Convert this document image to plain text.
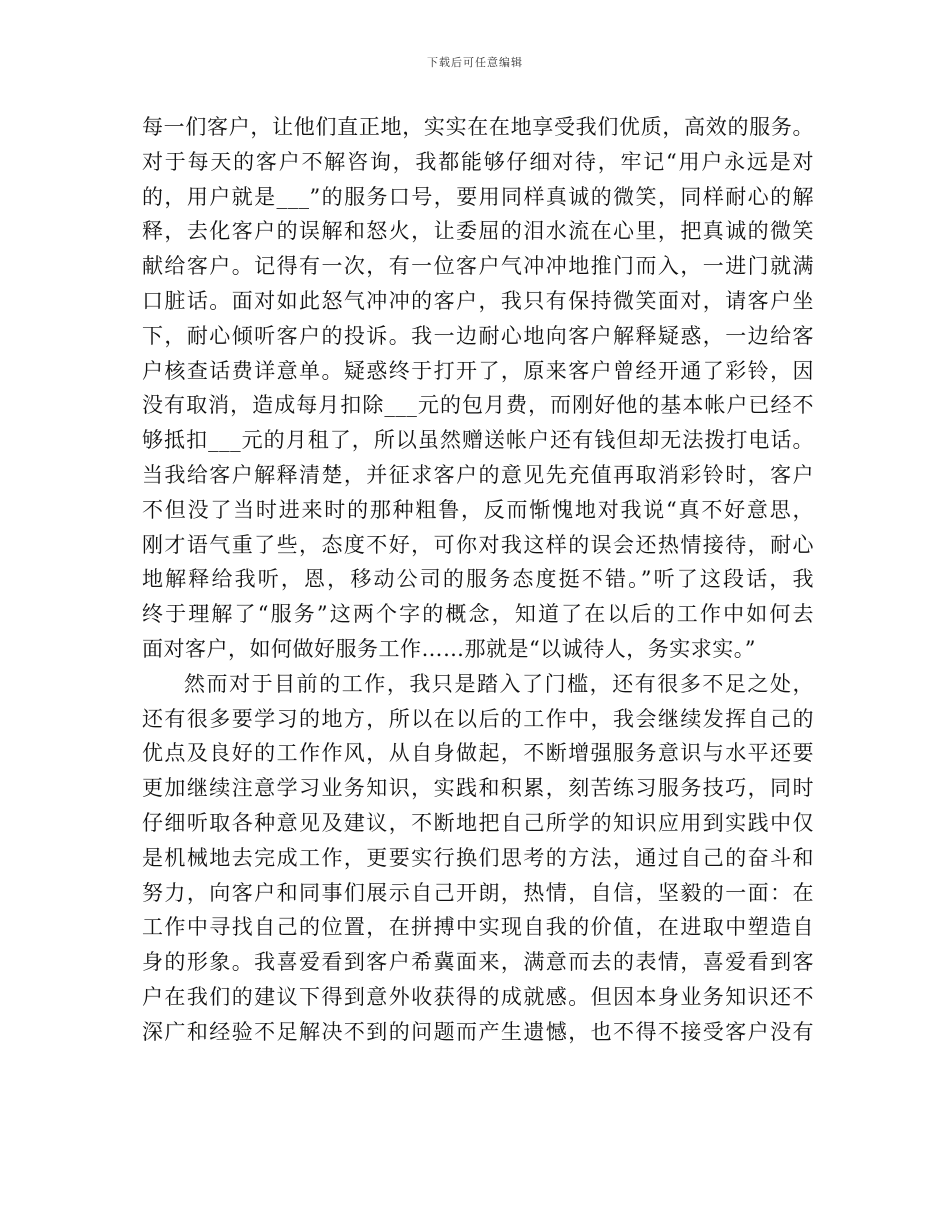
下载后可任意编辑
每一们客户，让他们直正地，实实在在地享受我们优质，高效的服务。
对于每天的客户不解咨询，我都能够仔细对待，牢记“用户永远是对
的，用户就是___”的服务口号，要用同样真诚的微笑，同样耐心的解
释，去化客户的误解和怒火，让委屈的泪水流在心里，把真诚的微笑
献给客户。记得有一次，有一位客户气冲冲地推门而入，一进门就满
口脏话。面对如此怒气冲冲的客户，我只有保持微笑面对，请客户坐
下，耐心倾听客户的投诉。我一边耐心地向客户解释疑惑，一边给客
户核查话费详意单。疑惑终于打开了，原来客户曾经开通了彩铃，因
没有取消，造成每月扣除___元的包月费，而刚好他的基本帐户已经不
够抵扣___元的月租了，所以虽然赠送帐户还有钱但却无法拨打电话。
当我给客户解释清楚，并征求客户的意见先充值再取消彩铃时，客户
不但没了当时进来时的那种粗鲁，反而惭愧地对我说“真不好意思，
刚才语气重了些，态度不好，可你对我这样的误会还热情接待，耐心
地解释给我听，恩，移动公司的服务态度挺不错。”听了这段话，我
终于理解了“服务”这两个字的概念，知道了在以后的工作中如何去
面对客户，如何做好服务工作……那就是“以诚待人，务实求实。”
然而对于目前的工作，我只是踏入了门槛，还有很多不足之处，
还有很多要学习的地方，所以在以后的工作中，我会继续发挥自己的
优点及良好的工作作风，从自身做起，不断增强服务意识与水平还要
更加继续注意学习业务知识，实践和积累，刻苦练习服务技巧，同时
仔细听取各种意见及建议，不断地把自己所学的知识应用到实践中仅
是机械地去完成工作，更要实行换们思考的方法，通过自己的奋斗和
努力，向客户和同事们展示自己开朗，热情，自信，坚毅的一面：在
工作中寻找自己的位置，在拼搏中实现自我的价值，在进取中塑造自
身的形象。我喜爱看到客户希冀面来，满意而去的表情，喜爱看到客
户在我们的建议下得到意外收获得的成就感。但因本身业务知识还不
深广和经验不足解决不到的问题而产生遗憾，也不得不接受客户没有
